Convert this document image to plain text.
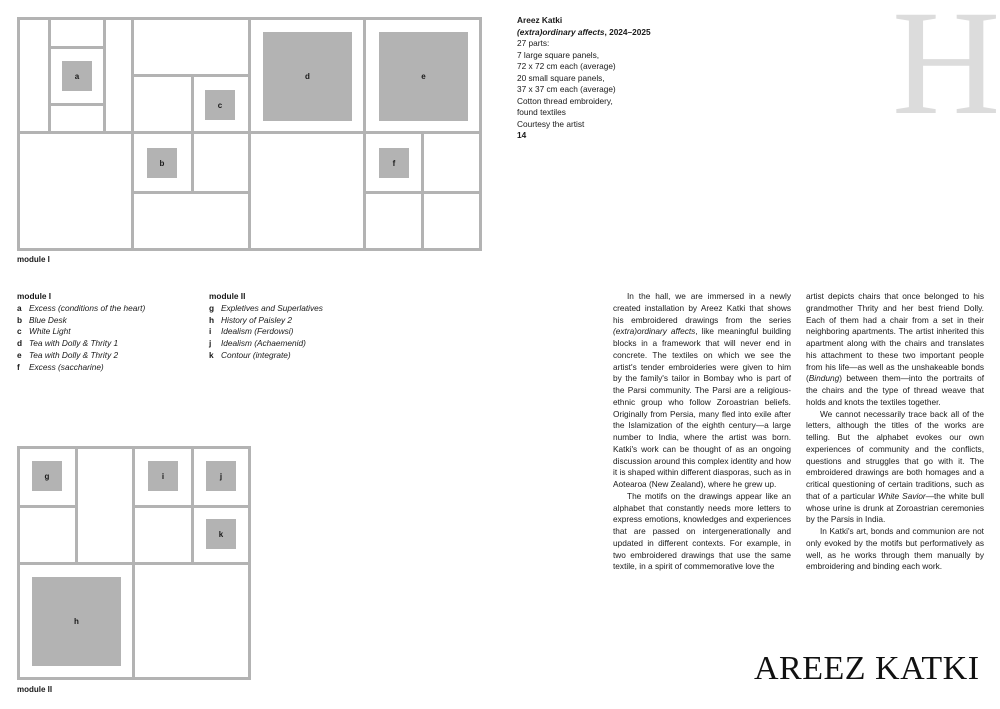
a
b
c
d	e
f
module I
Areez Katki
(extra)ordinary affects, 2024–2025
27 parts:
7 large square panels,
72 x 72 cm each (average)
20 small square panels,
37 x 37 cm each (average)
Cotton thread embroidery,
found textiles
Courtesy the artist
14	H
module I
a Excess (conditions of the heart)
b Blue Desk
c White Light
d Tea with Dolly & Thrity 1
e Tea with Dolly & Thrity 2
f Excess (saccharine)
module II
g Expletives and Superlatives
h History of Paisley 2
i Idealism (Ferdowsi)
j Idealism (Achaemenid)
k Contour (integrate)
g	i	j
k
h
module II

In the hall, we are immersed in a newly created installation by Areez Katki that shows his embroidered drawings from the series (extra)ordinary affects, like meaningful building blocks in a framework that will never end in concrete. The textiles on which we see the artist's tender embroideries were given to him by the family's tailor in Bombay who is part of the Parsi community. The Parsi are a religious-ethnic group who follow Zoroastrian beliefs. Originally from Persia, many fled into exile after the Islamization of the eighth century—a large number to India, where the artist was born. Katki's work can be thought of as an ongoing discussion around this complex identity and how it is shaped within different diasporas, such as in Aotearoa (New Zealand), where he grew up.

The motifs on the drawings appear like an alphabet that constantly needs more letters to express emotions, knowledges and experiences that are passed on intergenerationally and updated in different contexts. For example, in two embroidered drawings that use the same textile, in a spirit of commemorative love the

artist depicts chairs that once belonged to his grandmother Thrity and her best friend Dolly. Each of them had a chair from a set in their neighboring apartments. The artist inherited this apartment along with the chairs and translates his attachment to these two important people from his life—as well as the unshakeable bonds (Bindung) between them—into the portraits of the chairs and the type of thread weave that holds and knots the textiles together.

We cannot necessarily trace back all of the letters, although the titles of the works are telling. But the alphabet evokes our own experiences of community and the conflicts, questions and struggles that go with it. The embroidered drawings are both homages and a critical questioning of certain traditions, such as that of a particular White Savior—the white bull whose urine is drunk at Zoroastrian ceremonies by the Parsis in India.

In Katki's art, bonds and communion are not only evoked by the motifs but performatively as well, as he works through them manually by embroidering and binding each work.

AREEZ KATKI
